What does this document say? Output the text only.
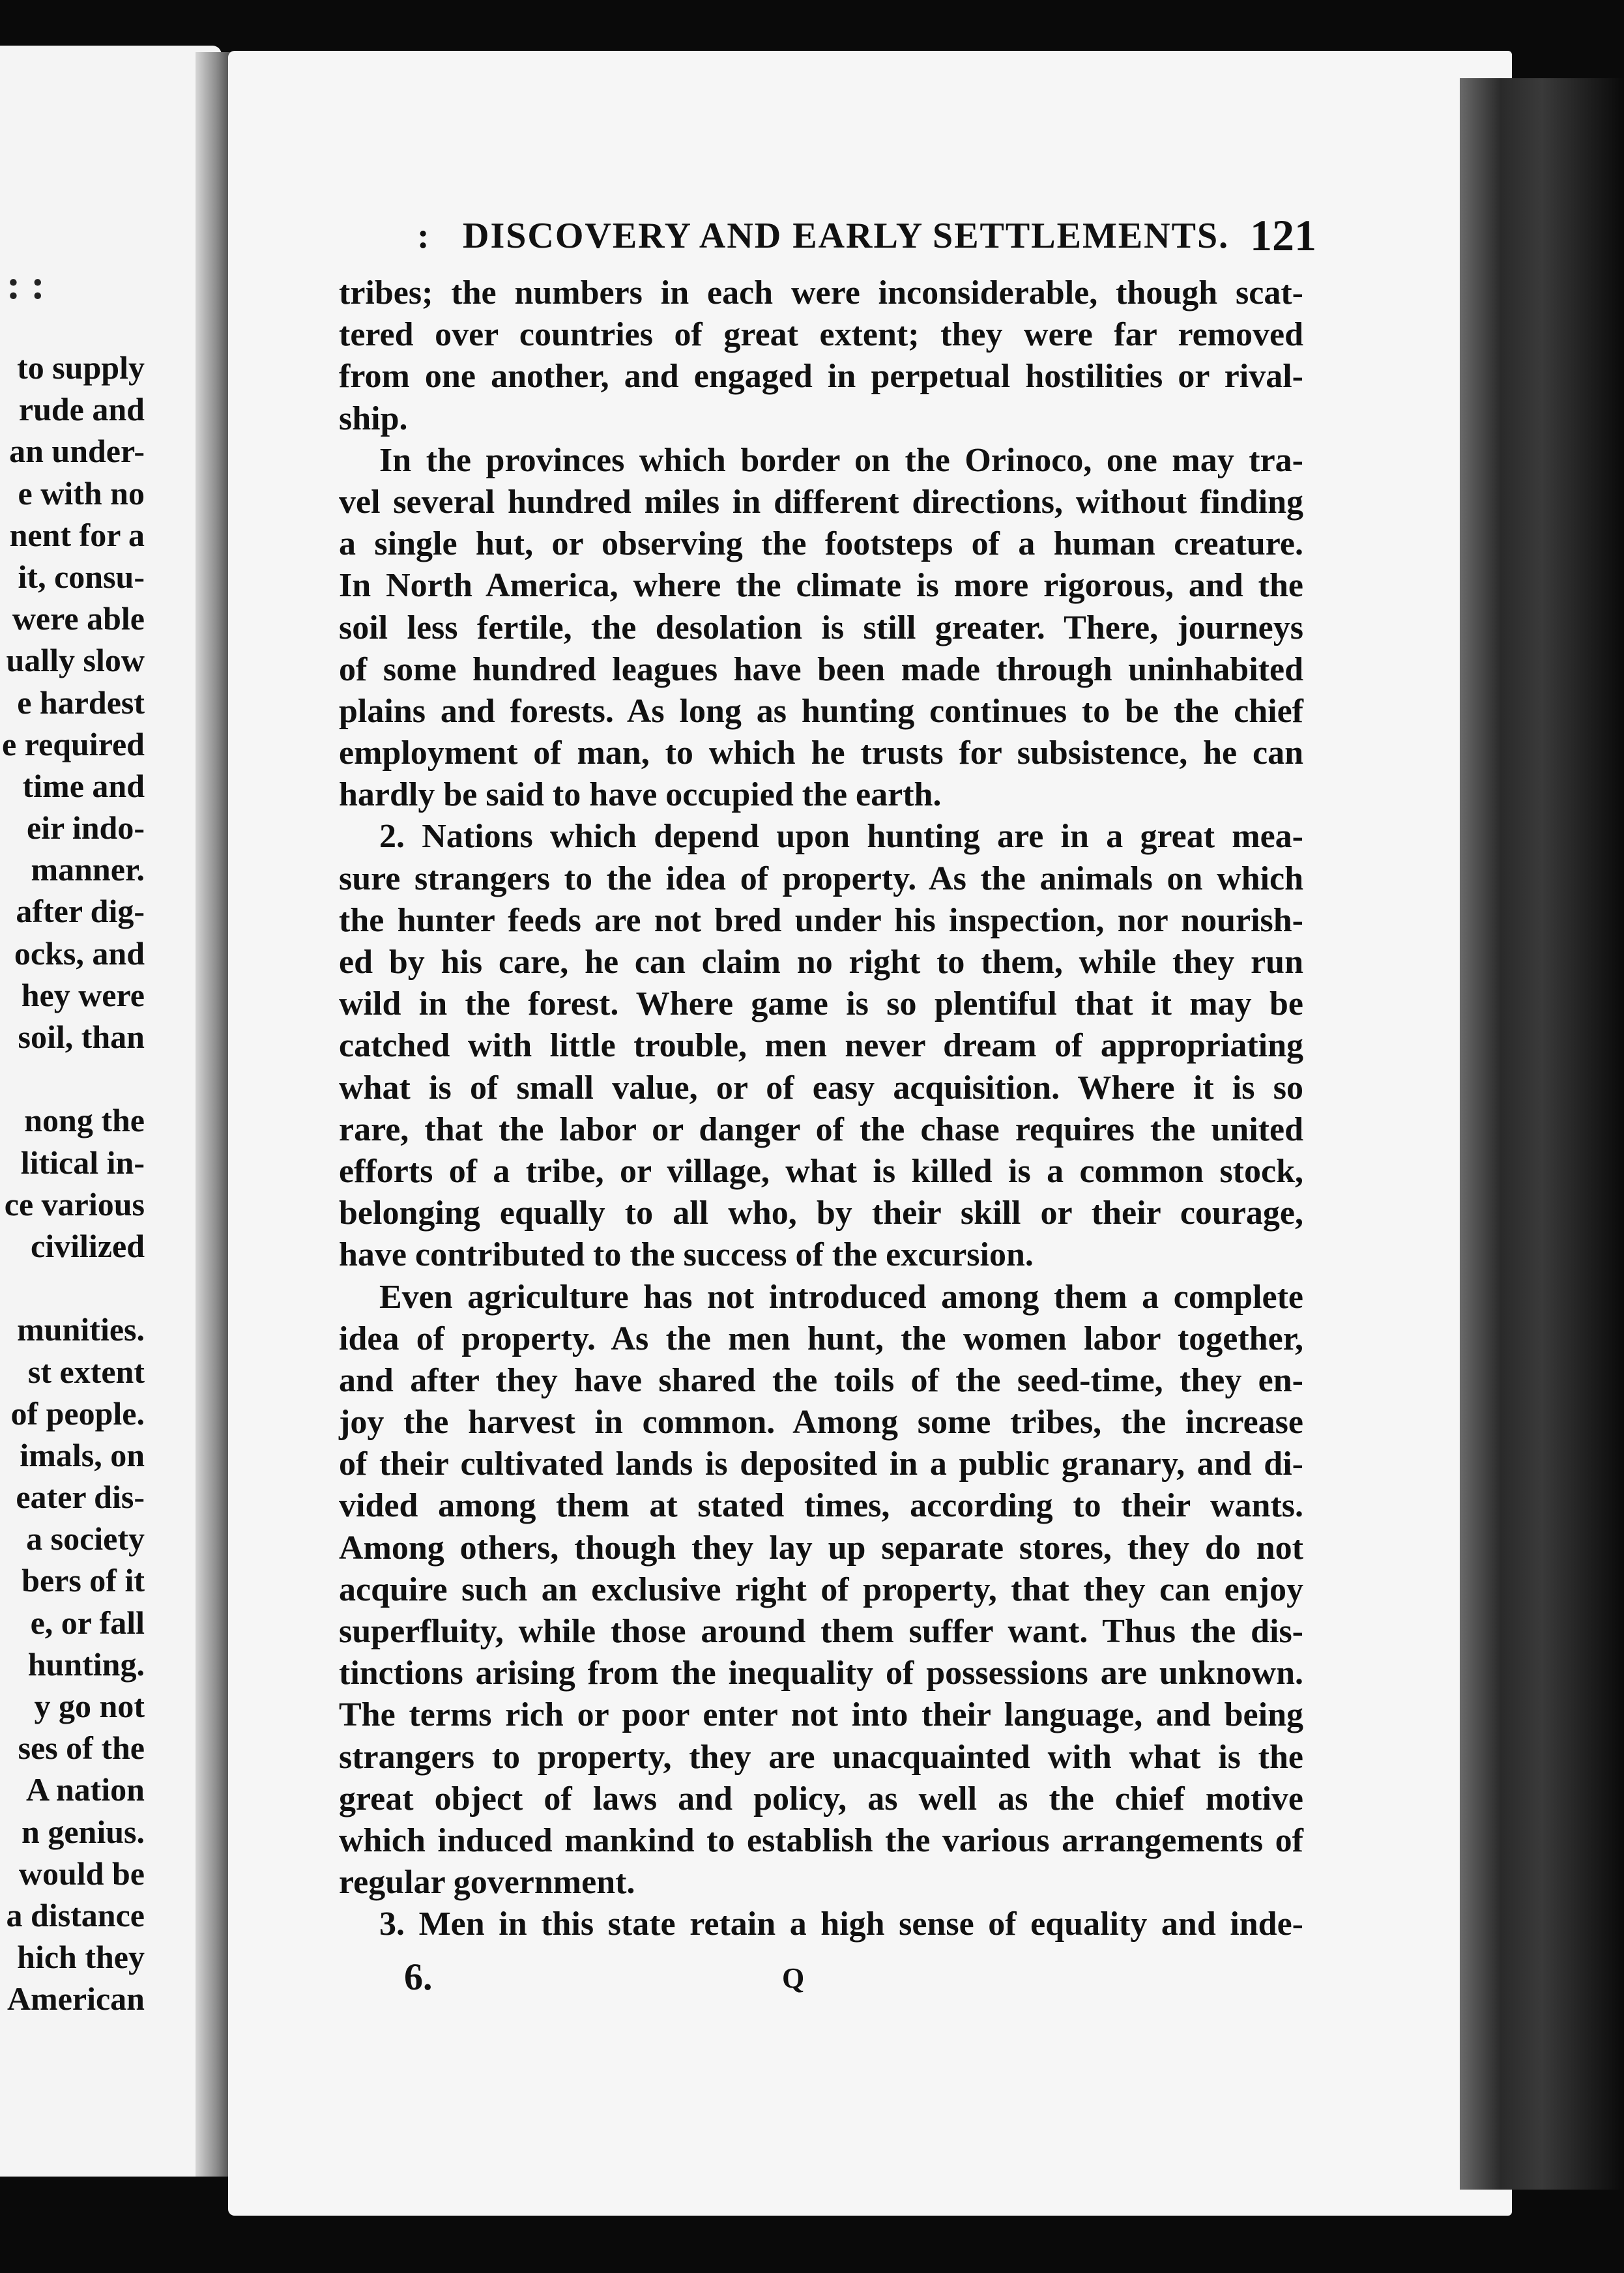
: :
to supply
rude and
an under-
e with no
nent for a
it, consu-
were able
ually slow
e hardest
e required
time and
eir indo-
manner.
after dig-
ocks, and
hey were
soil, than
nong the
litical in-
ce various
civilized
munities.
st extent
of people.
imals, on
eater dis-
a society
bers of it
e, or fall
hunting.
y go not
ses of the
A nation
n genius.
would be
a distance
hich they
American
: DISCOVERY AND EARLY SETTLEMENTS. 121
tribes; the numbers in each were inconsiderable, though scat-
tered over countries of great extent; they were far removed
from one another, and engaged in perpetual hostilities or rival-
ship.
In the provinces which border on the Orinoco, one may tra-
vel several hundred miles in different directions, without finding
a single hut, or observing the footsteps of a human creature.
In North America, where the climate is more rigorous, and the
soil less fertile, the desolation is still greater. There, journeys
of some hundred leagues have been made through uninhabited
plains and forests. As long as hunting continues to be the chief
employment of man, to which he trusts for subsistence, he can
hardly be said to have occupied the earth.
2. Nations which depend upon hunting are in a great mea-
sure strangers to the idea of property. As the animals on which
the hunter feeds are not bred under his inspection, nor nourish-
ed by his care, he can claim no right to them, while they run
wild in the forest. Where game is so plentiful that it may be
catched with little trouble, men never dream of appropriating
what is of small value, or of easy acquisition. Where it is so
rare, that the labor or danger of the chase requires the united
efforts of a tribe, or village, what is killed is a common stock,
belonging equally to all who, by their skill or their courage,
have contributed to the success of the excursion.
Even agriculture has not introduced among them a complete
idea of property. As the men hunt, the women labor together,
and after they have shared the toils of the seed-time, they en-
joy the harvest in common. Among some tribes, the increase
of their cultivated lands is deposited in a public granary, and di-
vided among them at stated times, according to their wants.
Among others, though they lay up separate stores, they do not
acquire such an exclusive right of property, that they can enjoy
superfluity, while those around them suffer want. Thus the dis-
tinctions arising from the inequality of possessions are unknown.
The terms rich or poor enter not into their language, and being
strangers to property, they are unacquainted with what is the
great object of laws and policy, as well as the chief motive
which induced mankind to establish the various arrangements of
regular government.
3. Men in this state retain a high sense of equality and inde-
6.	Q
